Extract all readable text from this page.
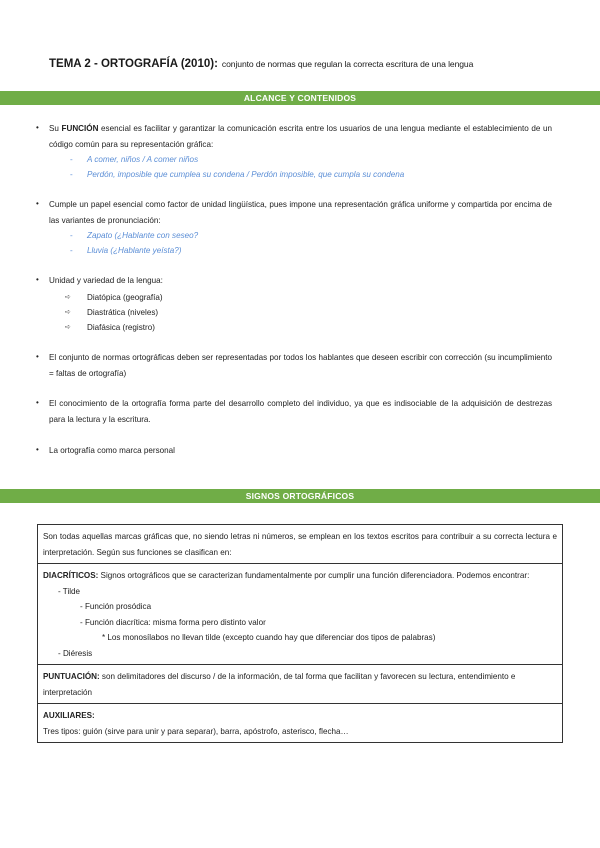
TEMA 2 - ORTOGRAFÍA (2010): conjunto de normas que regulan la correcta escritura de una lengua
ALCANCE Y CONTENIDOS
• Su FUNCIÓN esencial es facilitar y garantizar la comunicación escrita entre los usuarios de una lengua mediante el establecimiento de un código común para su representación gráfica:
- A comer, niños / A comer niños
- Perdón, imposible que cumplea su condena / Perdón imposible, que cumpla su condena
• Cumple un papel esencial como factor de unidad lingüística, pues impone una representación gráfica uniforme y compartida por encima de las variantes de pronunciación:
- Zapato (¿Hablante con seseo?
- Lluvia (¿Hablante yeísta?)
• Unidad y variedad de la lengua:
➪ Diatópica (geografía)
➪ Diastrática (niveles)
➪ Diafásica (registro)
• El conjunto de normas ortográficas deben ser representadas por todos los hablantes que deseen escribir con corrección (su incumplimiento = faltas de ortografía)
• El conocimiento de la ortografía forma parte del desarrollo completo del individuo, ya que es indisociable de la adquisición de destrezas para la lectura y la escritura.
• La ortografía como marca personal
SIGNOS ORTOGRÁFICOS
Son todas aquellas marcas gráficas que, no siendo letras ni números, se emplean en los textos escritos para contribuir a su correcta lectura e interpretación. Según sus funciones se clasifican en:
DIACRÍTICOS: Signos ortográficos que se caracterizan fundamentalmente por cumplir una función diferenciadora. Podemos encontrar:
- Tilde
- Función prosódica
- Función diacrítica: misma forma pero distinto valor
* Los monosílabos no llevan tilde (excepto cuando hay que diferenciar dos tipos de palabras)
- Diéresis
PUNTUACIÓN: son delimitadores del discurso / de la información, de tal forma que facilitan y favorecen su lectura, entendimiento e interpretación
AUXILIARES:
Tres tipos: guión (sirve para unir y para separar), barra, apóstrofo, asterisco, flecha…
